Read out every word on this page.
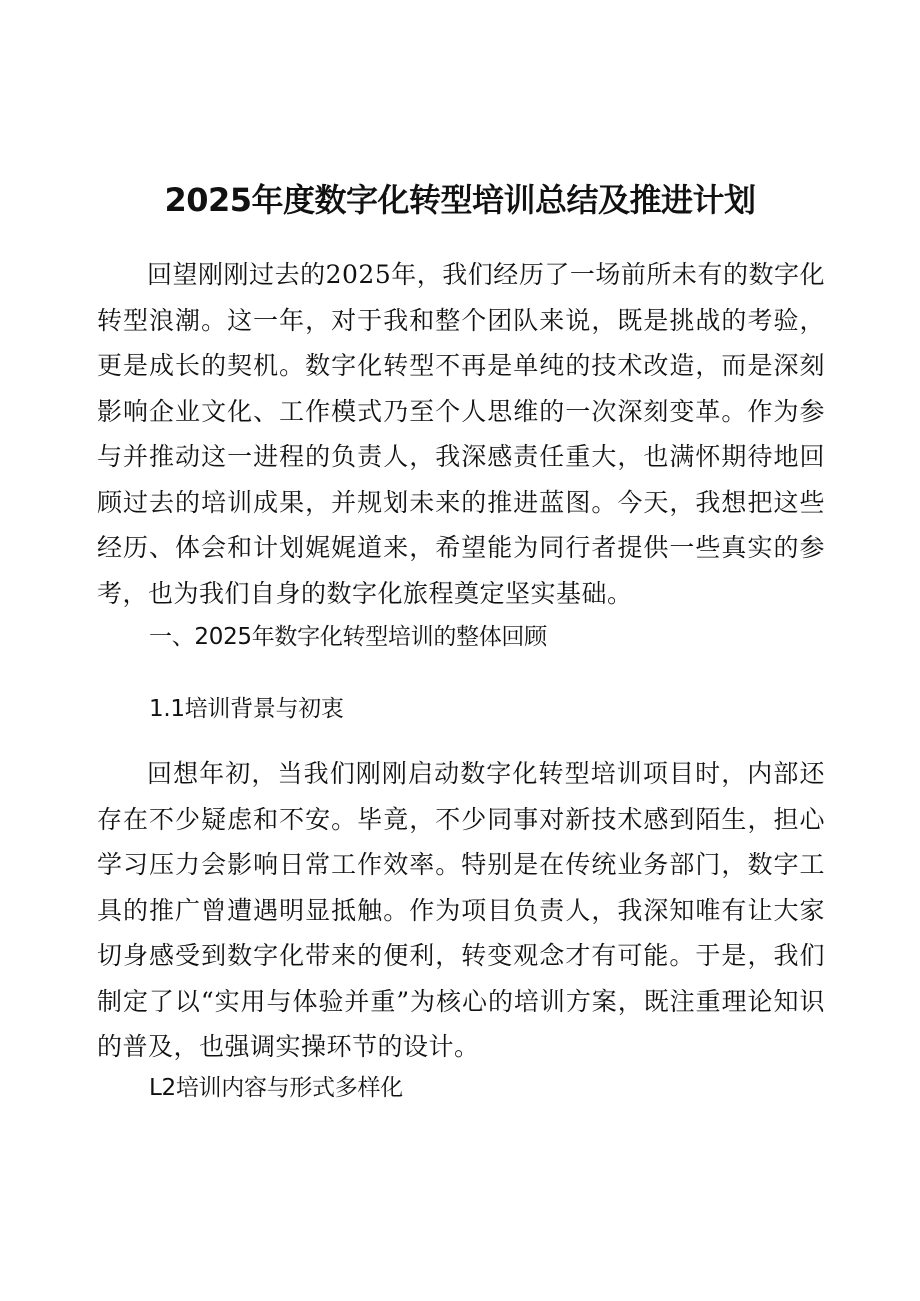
2025年度数字化转型培训总结及推进计划

回望刚刚过去的2025年，我们经历了一场前所未有的数字化转型浪潮。这一年，对于我和整个团队来说，既是挑战的考验，更是成长的契机。数字化转型不再是单纯的技术改造，而是深刻影响企业文化、工作模式乃至个人思维的一次深刻变革。作为参与并推动这一进程的负责人，我深感责任重大，也满怀期待地回顾过去的培训成果，并规划未来的推进蓝图。今天，我想把这些经历、体会和计划娓娓道来，希望能为同行者提供一些真实的参考，也为我们自身的数字化旅程奠定坚实基础。

一、2025年数字化转型培训的整体回顾
1.1培训背景与初衷

回想年初，当我们刚刚启动数字化转型培训项目时，内部还存在不少疑虑和不安。毕竟，不少同事对新技术感到陌生，担心学习压力会影响日常工作效率。特别是在传统业务部门，数字工具的推广曾遭遇明显抵触。作为项目负责人，我深知唯有让大家切身感受到数字化带来的便利，转变观念才有可能。于是，我们制定了以“实用与体验并重”为核心的培训方案，既注重理论知识的普及，也强调实操环节的设计。

L2培训内容与形式多样化
